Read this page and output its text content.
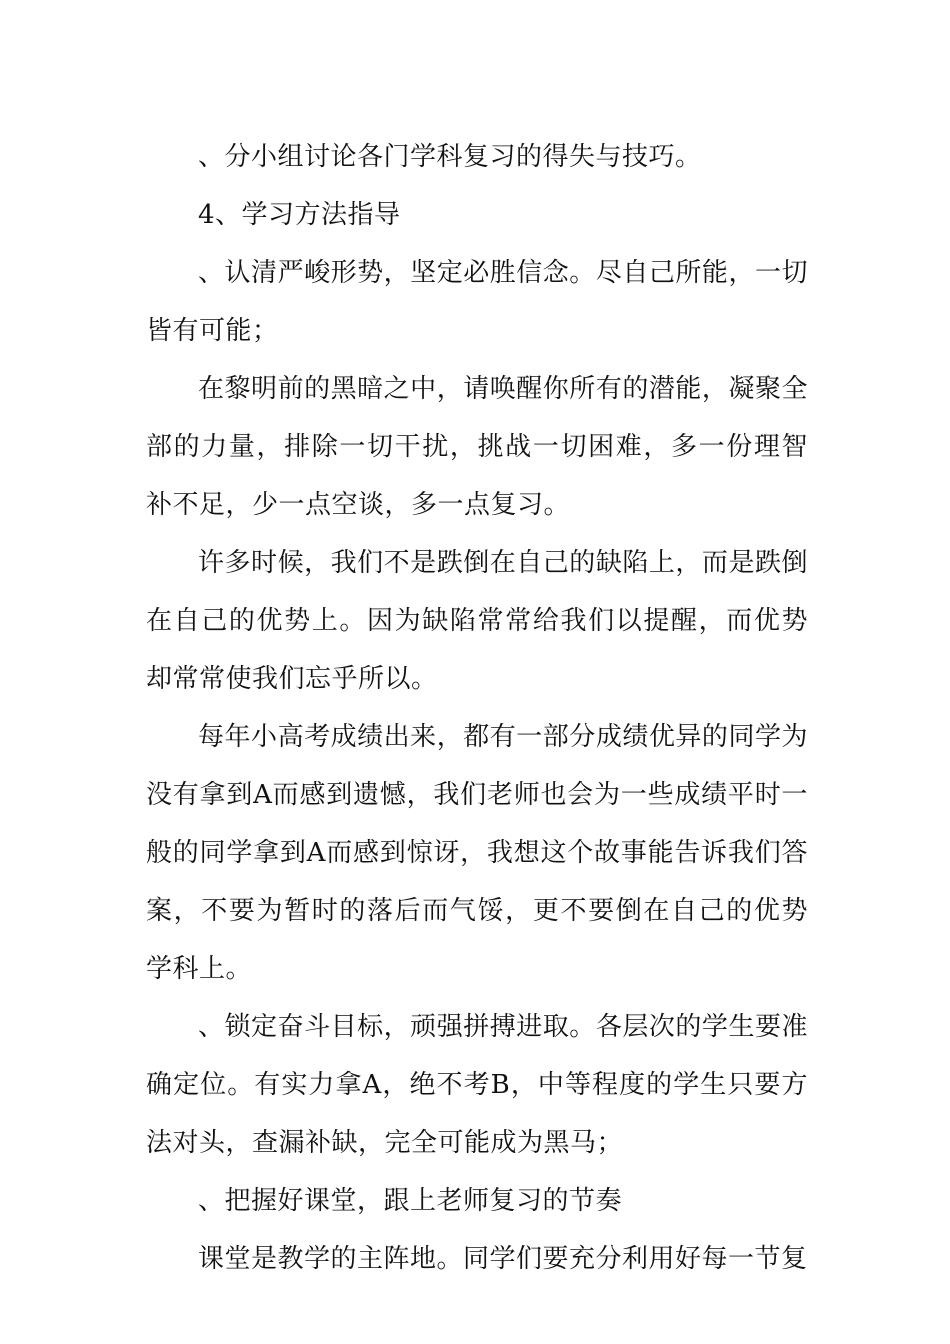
、分小组讨论各门学科复习的得失与技巧。

4、学习方法指导

、认清严峻形势，坚定必胜信念。尽自己所能，一切皆有可能；

在黎明前的黑暗之中，请唤醒你所有的潜能，凝聚全部的力量，排除一切干扰，挑战一切困难，多一份理智补不足，少一点空谈，多一点复习。

许多时候，我们不是跌倒在自己的缺陷上，而是跌倒在自己的优势上。因为缺陷常常给我们以提醒，而优势却常常使我们忘乎所以。

每年小高考成绩出来，都有一部分成绩优异的同学为没有拿到A而感到遗憾，我们老师也会为一些成绩平时一般的同学拿到A而感到惊讶，我想这个故事能告诉我们答案，不要为暂时的落后而气馁，更不要倒在自己的优势学科上。

、锁定奋斗目标，顽强拼搏进取。各层次的学生要准确定位。有实力拿A，绝不考B，中等程度的学生只要方法对头，查漏补缺，完全可能成为黑马；

、把握好课堂，跟上老师复习的节奏

课堂是教学的主阵地。同学们要充分利用好每一节复
